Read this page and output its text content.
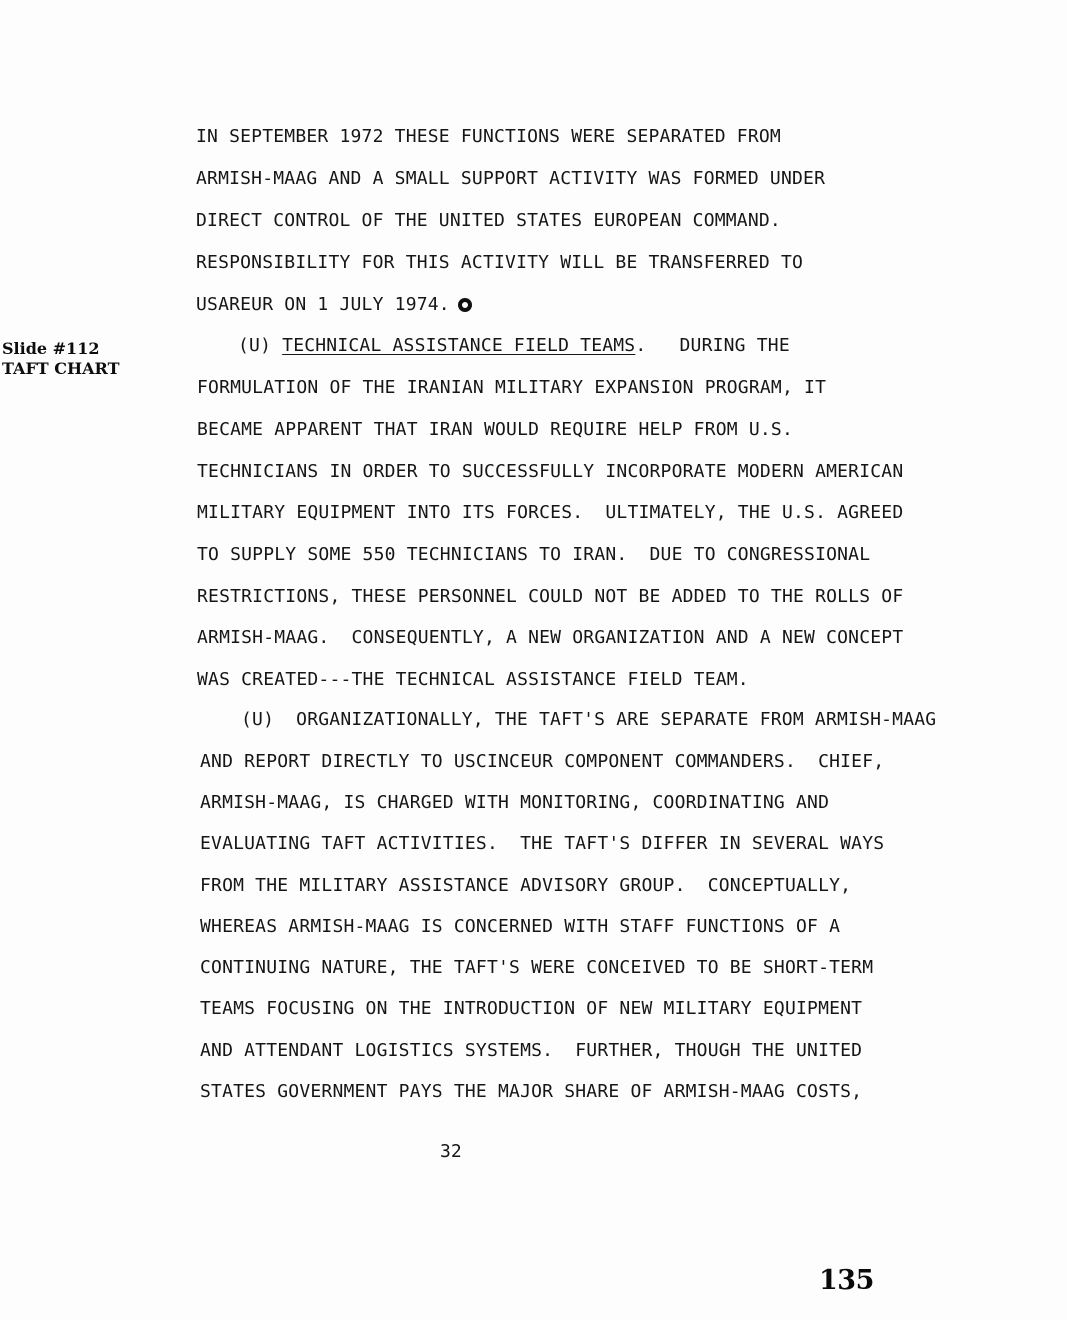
IN SEPTEMBER 1972 THESE FUNCTIONS WERE SEPARATED FROM
ARMISH-MAAG AND A SMALL SUPPORT ACTIVITY WAS FORMED UNDER
DIRECT CONTROL OF THE UNITED STATES EUROPEAN COMMAND.
RESPONSIBILITY FOR THIS ACTIVITY WILL BE TRANSFERRED TO
USAREUR ON 1 JULY 1974.
Slide #112
TAFT CHART
(U) TECHNICAL ASSISTANCE FIELD TEAMS.   DURING THE
FORMULATION OF THE IRANIAN MILITARY EXPANSION PROGRAM, IT
BECAME APPARENT THAT IRAN WOULD REQUIRE HELP FROM U.S.
TECHNICIANS IN ORDER TO SUCCESSFULLY INCORPORATE MODERN AMERICAN
MILITARY EQUIPMENT INTO ITS FORCES.  ULTIMATELY, THE U.S. AGREED
TO SUPPLY SOME 550 TECHNICIANS TO IRAN.  DUE TO CONGRESSIONAL
RESTRICTIONS, THESE PERSONNEL COULD NOT BE ADDED TO THE ROLLS OF
ARMISH-MAAG.  CONSEQUENTLY, A NEW ORGANIZATION AND A NEW CONCEPT
WAS CREATED---THE TECHNICAL ASSISTANCE FIELD TEAM.
(U)  ORGANIZATIONALLY, THE TAFT'S ARE SEPARATE FROM ARMISH-MAAG
AND REPORT DIRECTLY TO USCINCEUR COMPONENT COMMANDERS.  CHIEF,
ARMISH-MAAG, IS CHARGED WITH MONITORING, COORDINATING AND
EVALUATING TAFT ACTIVITIES.  THE TAFT'S DIFFER IN SEVERAL WAYS
FROM THE MILITARY ASSISTANCE ADVISORY GROUP.  CONCEPTUALLY,
WHEREAS ARMISH-MAAG IS CONCERNED WITH STAFF FUNCTIONS OF A
CONTINUING NATURE, THE TAFT'S WERE CONCEIVED TO BE SHORT-TERM
TEAMS FOCUSING ON THE INTRODUCTION OF NEW MILITARY EQUIPMENT
AND ATTENDANT LOGISTICS SYSTEMS.  FURTHER, THOUGH THE UNITED
STATES GOVERNMENT PAYS THE MAJOR SHARE OF ARMISH-MAAG COSTS,
32
135
